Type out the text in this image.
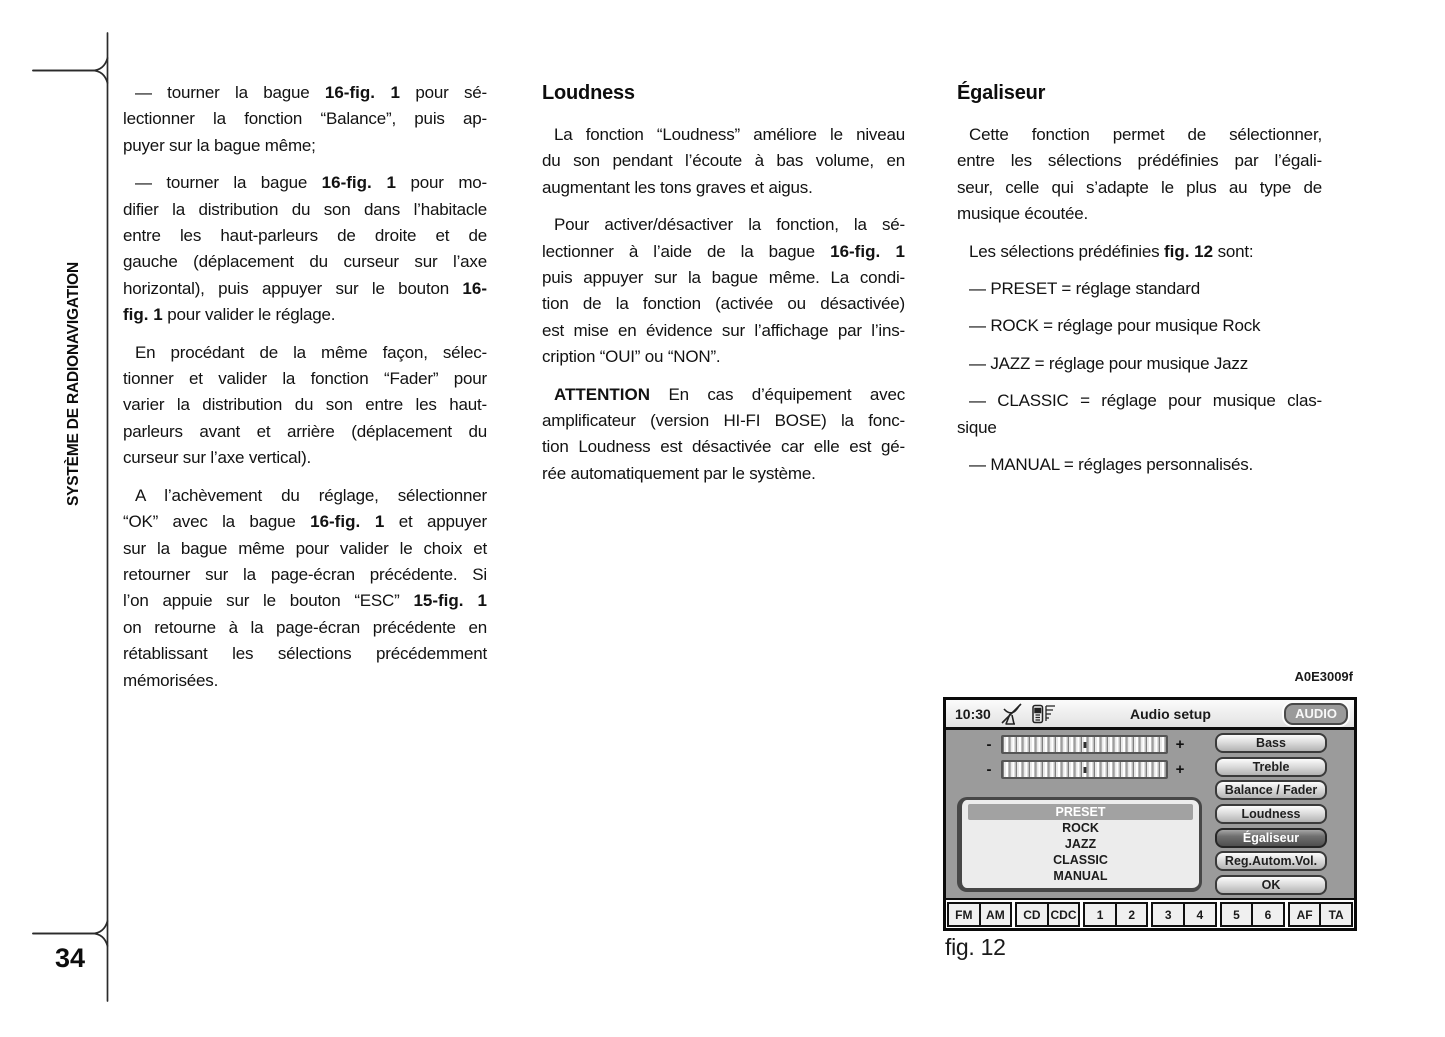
SYSTÈME DE RADIONAVIGATION
34
— tourner la bague 16-fig. 1 pour sé-
lectionner la fonction “Balance”, puis ap-
puyer sur la bague même;
— tourner la bague 16-fig. 1 pour mo-
difier la distribution du son dans l’habitacle
entre les haut-parleurs de droite et de
gauche (déplacement du curseur sur l’axe
horizontal), puis appuyer sur le bouton 16-
fig. 1 pour valider le réglage.
En procédant de la même façon, sélec-
tionner et valider la fonction “Fader” pour
varier la distribution du son entre les haut-
parleurs avant et arrière (déplacement du
curseur sur l’axe vertical).
A l’achèvement du réglage, sélectionner
“OK” avec la bague 16-fig. 1 et appuyer
sur la bague même pour valider le choix et
retourner sur la page-écran précédente. Si
l’on appuie sur le bouton “ESC” 15-fig. 1
on retourne à la page-écran précédente en
rétablissant les sélections précédemment
mémorisées.
Loudness
La fonction “Loudness” améliore le niveau
du son pendant l’écoute à bas volume, en
augmentant les tons graves et aigus.
Pour activer/désactiver la fonction, la sé-
lectionner à l’aide de la bague 16-fig. 1
puis appuyer sur la bague même. La condi-
tion de la fonction (activée ou désactivée)
est mise en évidence sur l’affichage par l’ins-
cription “OUI” ou “NON”.
ATTENTION En cas d’équipement avec
amplificateur (version HI-FI BOSE) la fonc-
tion Loudness est désactivée car elle est gé-
rée automatiquement par le système.
Égaliseur
Cette fonction permet de sélectionner,
entre les sélections prédéfinies par l’égali-
seur, celle qui s’adapte le plus au type de
musique écoutée.
Les sélections prédéfinies fig. 12 sont:
— PRESET = réglage standard
— ROCK = réglage pour musique Rock
— JAZZ = réglage pour musique Jazz
— CLASSIC = réglage pour musique clas-
sique
— MANUAL = réglages personnalisés.
A0E3009f
10:30	Audio setup	AUDIO
-	+
-	+
PRESET
ROCK
JAZZ
CLASSIC
MANUAL
Bass
Treble
Balance / Fader
Loudness
Égaliseur
Reg.Autom.Vol.
OK
FM	AM	CD CDC	1	2	3	4	5	6	AF	TA
fig. 12
